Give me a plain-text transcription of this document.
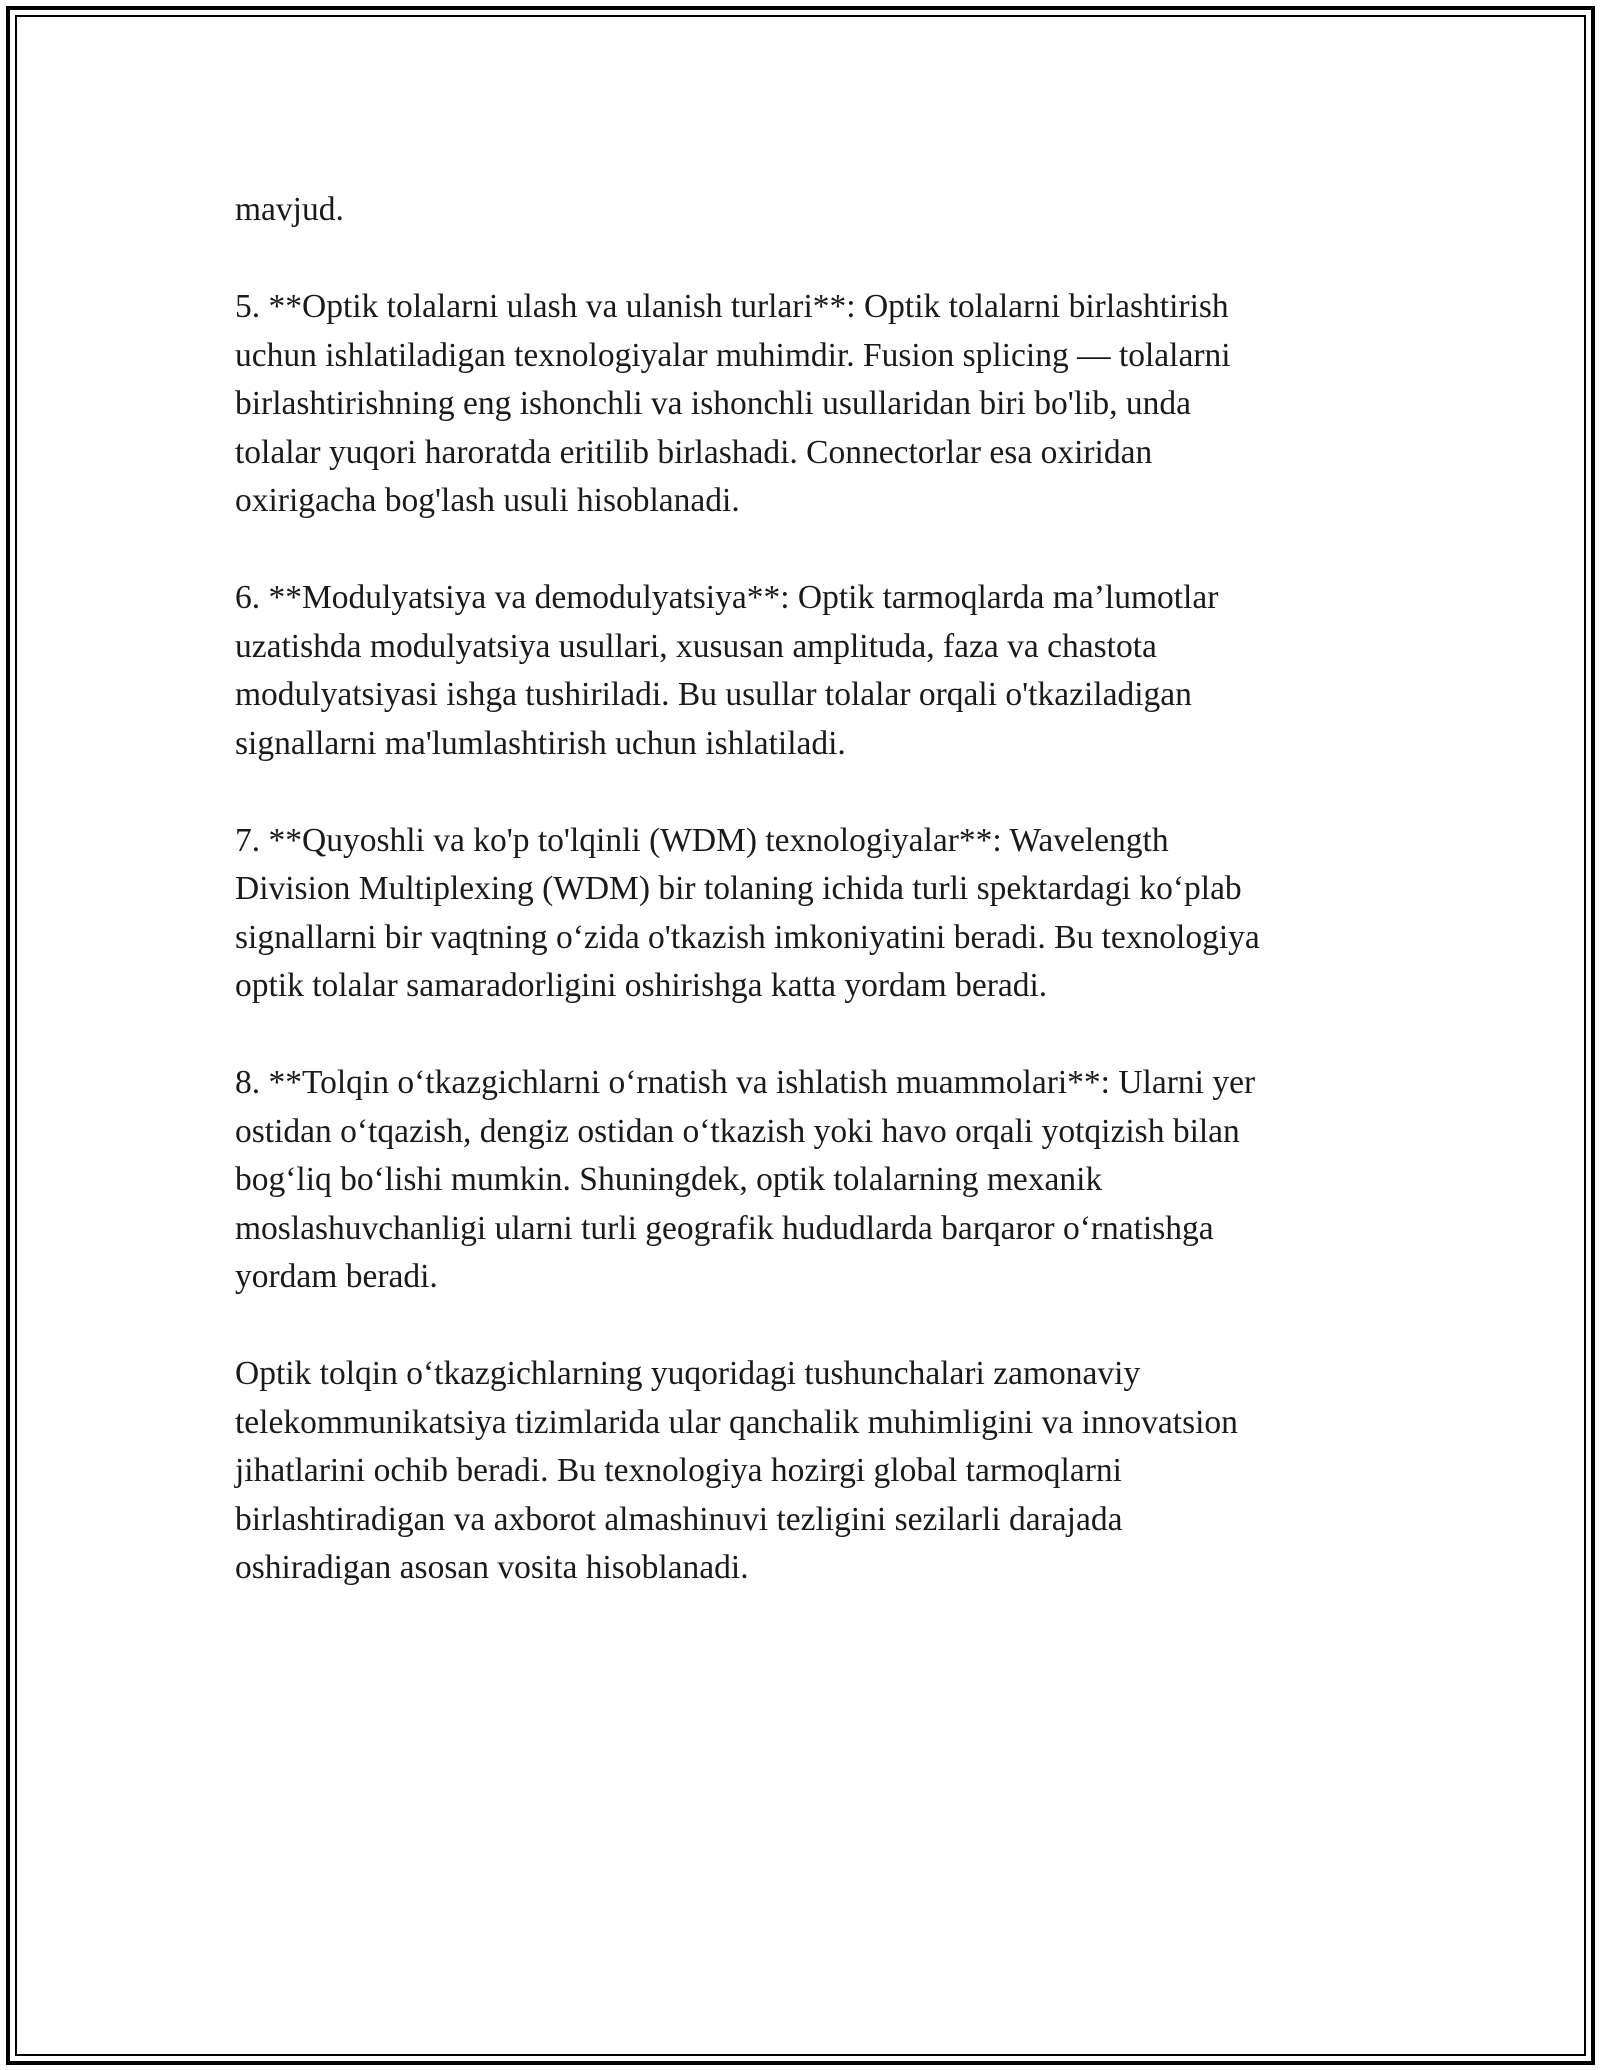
mavjud.

5. **Optik tolalarni ulash va ulanish turlari**: Optik tolalarni birlashtirish
uchun ishlatiladigan texnologiyalar muhimdir. Fusion splicing — tolalarni
birlashtirishning eng ishonchli va ishonchli usullaridan biri bo'lib, unda
tolalar yuqori haroratda eritilib birlashadi. Connectorlar esa oxiridan
oxirigacha bog'lash usuli hisoblanadi.

6. **Modulyatsiya va demodulyatsiya**: Optik tarmoqlarda ma’lumotlar
uzatishda modulyatsiya usullari, xususan amplituda, faza va chastota
modulyatsiyasi ishga tushiriladi. Bu usullar tolalar orqali o'tkaziladigan
signallarni ma'lumlashtirish uchun ishlatiladi.

7. **Quyoshli va ko'p to'lqinli (WDM) texnologiyalar**: Wavelength
Division Multiplexing (WDM) bir tolaning ichida turli spektardagi ko‘plab
signallarni bir vaqtning o‘zida o'tkazish imkoniyatini beradi. Bu texnologiya
optik tolalar samaradorligini oshirishga katta yordam beradi.

8. **Tolqin o‘tkazgichlarni o‘rnatish va ishlatish muammolari**: Ularni yer
ostidan o‘tqazish, dengiz ostidan o‘tkazish yoki havo orqali yotqizish bilan
bog‘liq bo‘lishi mumkin. Shuningdek, optik tolalarning mexanik
moslashuvchanligi ularni turli geografik hududlarda barqaror o‘rnatishga
yordam beradi.

Optik tolqin o‘tkazgichlarning yuqoridagi tushunchalari zamonaviy
telekommunikatsiya tizimlarida ular qanchalik muhimligini va innovatsion
jihatlarini ochib beradi. Bu texnologiya hozirgi global tarmoqlarni
birlashtiradigan va axborot almashinuvi tezligini sezilarli darajada
oshiradigan asosan vosita hisoblanadi.
